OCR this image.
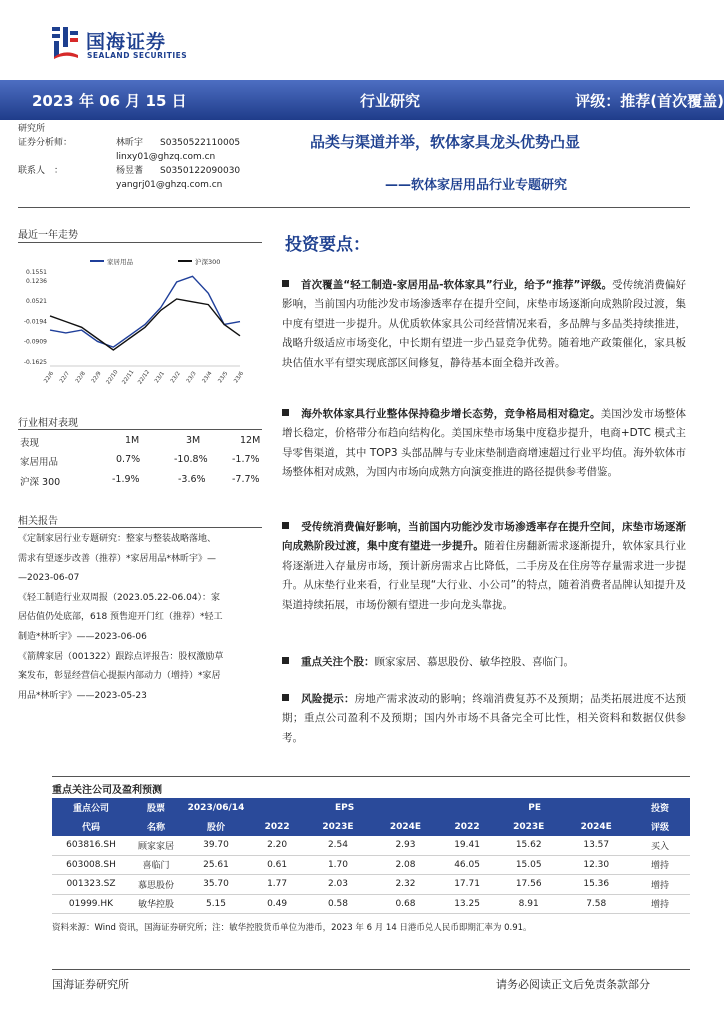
国海证券
SEALAND SECURITIES
2023 年 06 月 15 日	行业研究	评级：推荐(首次覆盖)
研究所
证券分析师：	林昕宇 S0350522110005
linxy01@ghzq.com.cn
联系人　：	杨昱蓍 S0350122090030
yangrj01@ghzq.com.cn
品类与渠道并举，软体家具龙头优势凸显
——软体家居用品行业专题研究
最近一年走势
家居用品	沪深300
0.1551
0.1236
0.0521
-0.0194
-0.0909
-0.1625
22/6 22/7 22/8 22/9 22/10 22/11 22/12 23/1 23/2 23/3 23/4 23/5 23/6
行业相对表现
表现	1M	3M	12M
家居用品	0.7%	-10.8%	-1.7%
沪深 300	-1.9%	-3.6%	-7.7%
相关报告
《定制家居行业专题研究：整家与整装战略落地、
需求有望逐步改善（推荐）*家居用品*林昕宇》—
—2023-06-07
《轻工制造行业双周报（2023.05.22-06.04）：家
居估值仍处底部，618 预售迎开门红（推荐）*轻工
制造*林昕宇》——2023-06-06
《箭牌家居（001322）跟踪点评报告：股权激励草
案发布，彰显经营信心提振内部动力（增持）*家居
用品*林昕宇》——2023-05-23
投资要点：
首次覆盖“轻工制造-家居用品-软体家具”行业，给予“推荐”评级。受传统消费偏好影响，当前国内功能沙发市场渗透率存在提升空间，床垫市场逐渐向成熟阶段过渡，集中度有望进一步提升。从优质软体家具公司经营情况来看，多品牌与多品类持续推进，战略升级适应市场变化，中长期有望进一步凸显竞争优势。随着地产政策催化，家具板块估值水平有望实现底部区间修复，静待基本面全稳并改善。
海外软体家具行业整体保持稳步增长态势，竞争格局相对稳定。美国沙发市场整体增长稳定，价格带分布趋向结构化。美国床垫市场集中度稳步提升，电商+DTC 模式主导零售渠道，其中 TOP3 头部品牌与专业床垫制造商增速超过行业平均值。海外软体市场整体相对成熟，为国内市场向成熟方向演变推进的路径提供参考借鉴。
受传统消费偏好影响，当前国内功能沙发市场渗透率存在提升空间，床垫市场逐渐向成熟阶段过渡，集中度有望进一步提升。随着住房翻新需求逐渐提升，软体家具行业将逐渐进入存量房市场，预计新房需求占比降低，二手房及在住房等存量需求进一步提升。从床垫行业来看，行业呈现“大行业、小公司”的特点，随着消费者品牌认知提升及渠道持续拓展，市场份额有望进一步向龙头靠拢。
重点关注个股：顾家家居、慕思股份、敏华控股、喜临门。
风险提示：房地产需求波动的影响；终端消费复苏不及预期；品类拓展进度不达预期；重点公司盈利不及预期；国内外市场不具备完全可比性，相关资料和数据仅供参考。
重点关注公司及盈利预测
重点公司	股票	2023/06/14	EPS			PE			投资
代码	名称	股价	2022	2023E	2024E	2022	2023E	2024E	评级
603816.SH	顾家家居	39.70	2.20	2.54	2.93	19.41	15.62	13.57	买入
603008.SH	喜临门	25.61	0.61	1.70	2.08	46.05	15.05	12.30	增持
001323.SZ	慕思股份	35.70	1.77	2.03	2.32	17.71	17.56	15.36	增持
01999.HK	敏华控股	5.15	0.49	0.58	0.68	13.25	8.91	7.58	增持
资料来源：Wind 资讯，国海证券研究所；注：敏华控股货币单位为港币，2023 年 6 月 14 日港币兑人民币即期汇率为 0.91。
国海证券研究所	请务必阅读正文后免责条款部分
